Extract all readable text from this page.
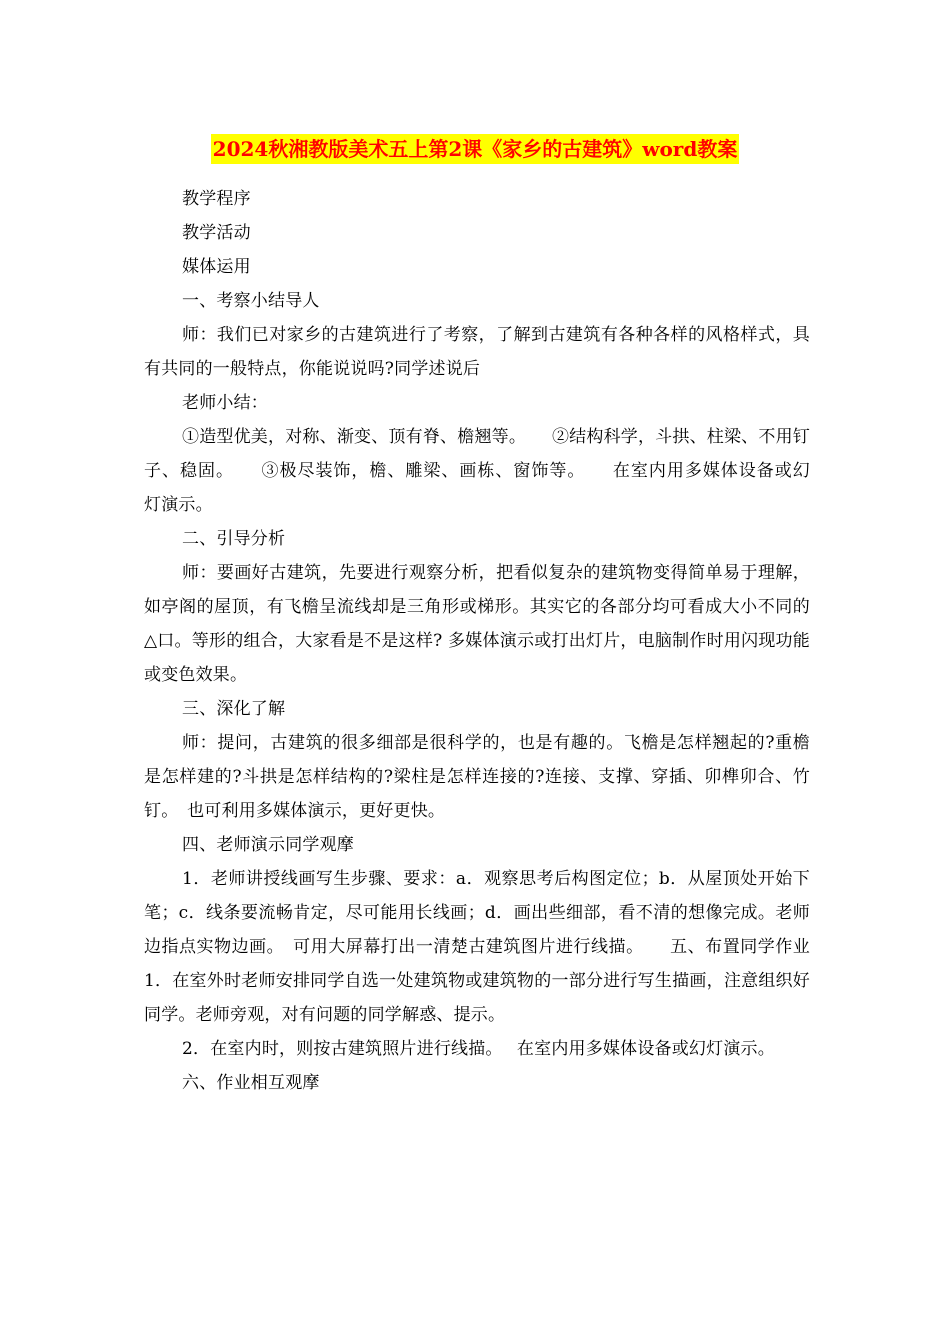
2024秋湘教版美术五上第2课《家乡的古建筑》word教案

教学程序

教学活动

媒体运用

一、考察小结导人

师：我们已对家乡的古建筑进行了考察，了解到古建筑有各种各样的风格样式，具有共同的一般特点，你能说说吗?同学述说后

老师小结：

①造型优美，对称、渐变、顶有脊、檐翘等。　　②结构科学，斗拱、柱梁、不用钉子、稳固。　　③极尽装饰，檐、雕梁、画栋、窗饰等。　　在室内用多媒体设备或幻　　灯演示。

二、引导分析

师：要画好古建筑，先要进行观察分析，把看似复杂的建筑物变得简单易于理解，如亭阁的屋顶，有飞檐呈流线却是三角形或梯形。其实它的各部分均可看成大小不同的△口。等形的组合，大家看是不是这样? 多媒体演示或打出灯片，电脑制作时用闪现功能或变色效果。

三、深化了解

师：提问，古建筑的很多细部是很科学的，也是有趣的。飞檐是怎样翘起的?重檐是怎样建的?斗拱是怎样结构的?梁柱是怎样连接的?连接、支撑、穿插、卯榫卯合、竹钉。　也可利用多媒体演示，更好更快。

四、老师演示同学观摩

1．老师讲授线画写生步骤、要求：a．观察思考后构图定位；b．从屋顶处开始下笔；c．线条要流畅肯定，尽可能用长线画；d．画出些细部，看不清的想像完成。老师边指点实物边画。　可用大屏幕打出一清楚古建筑图片进行线描。　　五、布置同学作业　　　1．在室外时老师安排同学自选一处建筑物或建筑物的一部分进行写生描画，注意组织好同学。老师旁观，对有问题的同学解惑、提示。

2．在室内时，则按古建筑照片进行线描。　 在室内用多媒体设备或幻灯演示。

六、作业相互观摩
